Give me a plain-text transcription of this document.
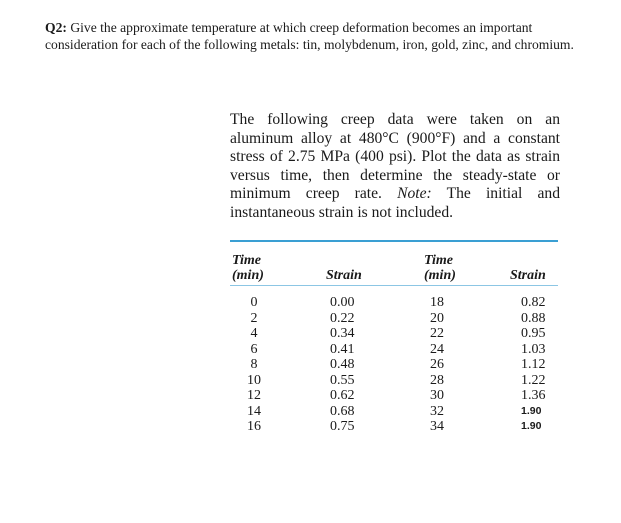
Q2: Give the approximate temperature at which creep deformation becomes an important consideration for each of the following metals: tin, molybdenum, iron, gold, zinc, and chromium.
The following creep data were taken on an aluminum alloy at 480°C (900°F) and a constant stress of 2.75 MPa (400 psi). Plot the data as strain versus time, then determine the steady-state or minimum creep rate. Note: The initial and instantaneous strain is not included.
Time
(min)	Strain
Time
(min)	Strain
0
2
4
6
8
10
12
14
16
0.00
0.22
0.34
0.41
0.48
0.55
0.62
0.68
0.75
18
20
22
24
26
28
30
32
34
0.82
0.88
0.95
1.03
1.12
1.22
1.36
1.90
1.90
